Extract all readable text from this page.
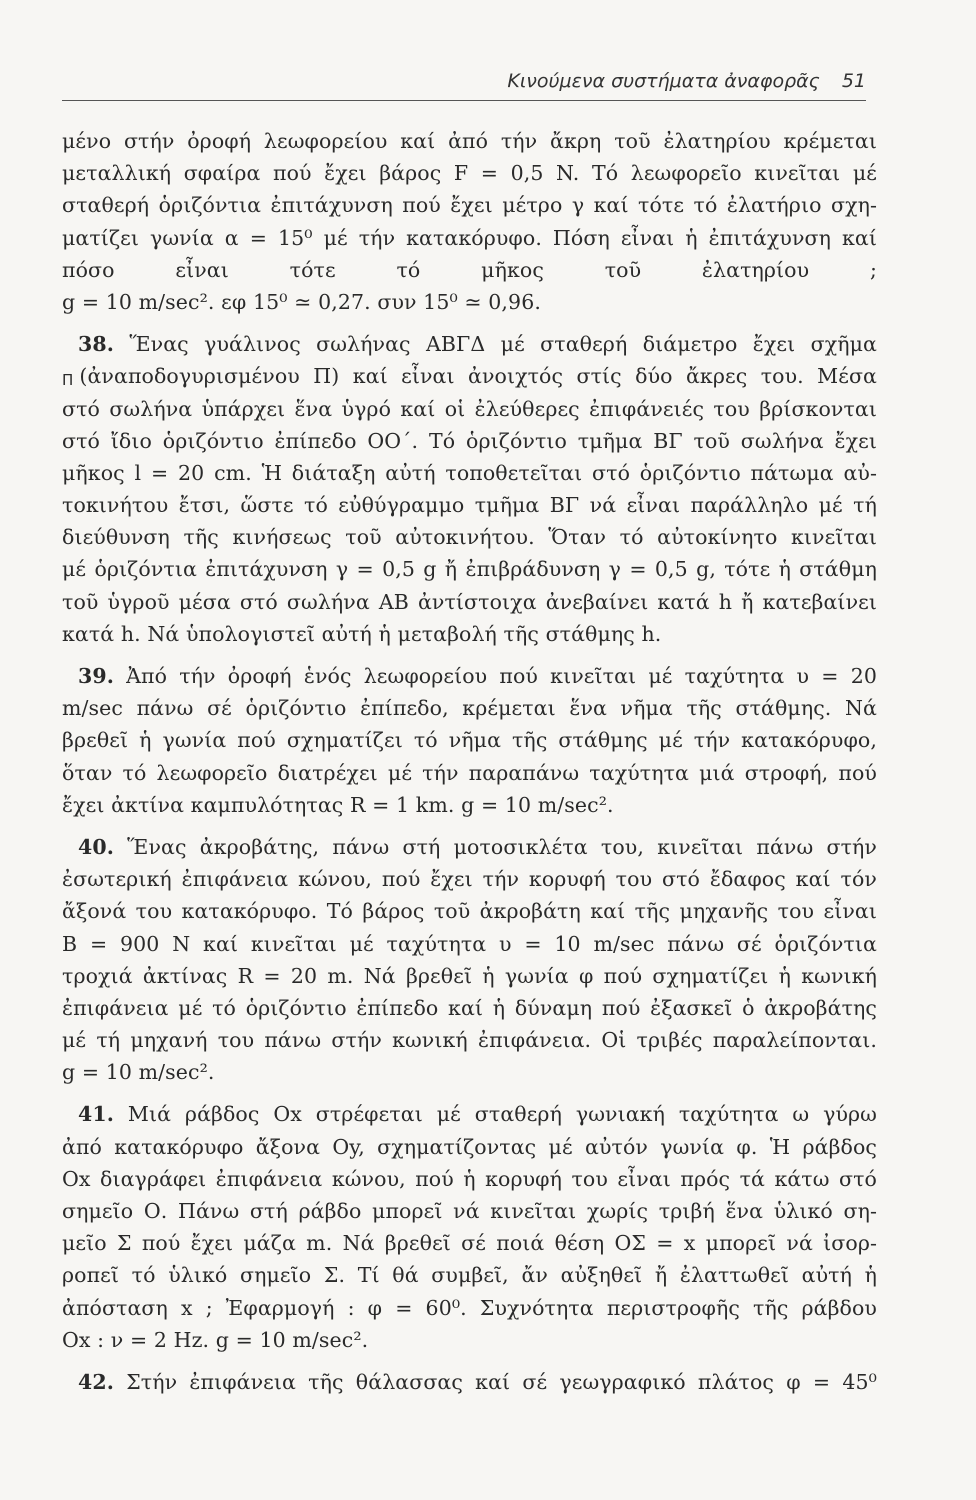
Κινούμενα συστήματα ἀναφορᾶς 51
μένο στήν ὀροφή λεωφορείου καί ἀπό τήν ἄκρη τοῦ ἐλατηρίου κρέμεται
μεταλλική σφαίρα πού ἔχει βάρος F = 0,5 N. Τό λεωφορεῖο κινεῖται μέ
σταθερή ὁριζόντια ἐπιτάχυνση πού ἔχει μέτρο γ καί τότε τό ἐλατήριο σχη-
ματίζει γωνία α = 15⁰ μέ τήν κατακόρυφο. Πόση εἶναι ἡ ἐπιτάχυνση καί
πόσο εἶναι τότε τό μῆκος τοῦ ἐλατηρίου ;
g = 10 m/sec². εφ 15⁰ ≃ 0,27. συν 15⁰ ≃ 0,96.
38. Ἕνας γυάλινος σωλήνας ΑΒΓΔ μέ σταθερή διάμετρο ἔχει σχῆμα
Π (ἀναποδογυρισμένου Π) καί εἶναι ἀνοιχτός στίς δύο ἄκρες του. Μέσα
στό σωλήνα ὑπάρχει ἕνα ὑγρό καί οἱ ἐλεύθερες ἐπιφάνειές του βρίσκονται
στό ἴδιο ὁριζόντιο ἐπίπεδο ΟΟ΄. Τό ὁριζόντιο τμῆμα ΒΓ τοῦ σωλήνα ἔχει
μῆκος l = 20 cm. Ἡ διάταξη αὐτή τοποθετεῖται στό ὁριζόντιο πάτωμα αὐ-
τοκινήτου ἔτσι, ὥστε τό εὐθύγραμμο τμῆμα ΒΓ νά εἶναι παράλληλο μέ τή
διεύθυνση τῆς κινήσεως τοῦ αὐτοκινήτου. Ὅταν τό αὐτοκίνητο κινεῖται
μέ ὁριζόντια ἐπιτάχυνση γ = 0,5 g ἤ ἐπιβράδυνση γ = 0,5 g, τότε ἡ στάθμη
τοῦ ὑγροῦ μέσα στό σωλήνα ΑΒ ἀντίστοιχα ἀνεβαίνει κατά h ἤ κατεβαίνει
κατά h. Νά ὑπολογιστεῖ αὐτή ἡ μεταβολή τῆς στάθμης h.
39. Ἀπό τήν ὀροφή ἑνός λεωφορείου πού κινεῖται μέ ταχύτητα υ = 20
m/sec πάνω σέ ὁριζόντιο ἐπίπεδο, κρέμεται ἕνα νῆμα τῆς στάθμης. Νά
βρεθεῖ ἡ γωνία πού σχηματίζει τό νῆμα τῆς στάθμης μέ τήν κατακόρυφο,
ὅταν τό λεωφορεῖο διατρέχει μέ τήν παραπάνω ταχύτητα μιά στροφή, πού
ἔχει ἀκτίνα καμπυλότητας R = 1 km. g = 10 m/sec².
40. Ἕνας ἀκροβάτης, πάνω στή μοτοσικλέτα του, κινεῖται πάνω στήν
ἐσωτερική ἐπιφάνεια κώνου, πού ἔχει τήν κορυφή του στό ἔδαφος καί τόν
ἄξονά του κατακόρυφο. Τό βάρος τοῦ ἀκροβάτη καί τῆς μηχανῆς του εἶναι
Β = 900 Ν καί κινεῖται μέ ταχύτητα υ = 10 m/sec πάνω σέ ὁριζόντια
τροχιά ἀκτίνας R = 20 m. Νά βρεθεῖ ἡ γωνία φ πού σχηματίζει ἡ κωνική
ἐπιφάνεια μέ τό ὁριζόντιο ἐπίπεδο καί ἡ δύναμη πού ἐξασκεῖ ὁ ἀκροβάτης
μέ τή μηχανή του πάνω στήν κωνική ἐπιφάνεια. Οἱ τριβές παραλείπονται.
g = 10 m/sec².
41. Μιά ράβδος Οx στρέφεται μέ σταθερή γωνιακή ταχύτητα ω γύρω
ἀπό κατακόρυφο ἄξονα Οy, σχηματίζοντας μέ αὐτόν γωνία φ. Ἡ ράβδος
Οx διαγράφει ἐπιφάνεια κώνου, πού ἡ κορυφή του εἶναι πρός τά κάτω στό
σημεῖο Ο. Πάνω στή ράβδο μπορεῖ νά κινεῖται χωρίς τριβή ἕνα ὑλικό ση-
μεῖο Σ πού ἔχει μάζα m. Νά βρεθεῖ σέ ποιά θέση ΟΣ = x μπορεῖ νά ἰσορ-
ροπεῖ τό ὑλικό σημεῖο Σ. Τί θά συμβεῖ, ἄν αὐξηθεῖ ἤ ἐλαττωθεῖ αὐτή ἡ
ἀπόσταση x ; Ἐφαρμογή : φ = 60⁰. Συχνότητα περιστροφῆς τῆς ράβδου
Οx : ν = 2 Hz. g = 10 m/sec².
42. Στήν ἐπιφάνεια τῆς θάλασσας καί σέ γεωγραφικό πλάτος φ = 45⁰
